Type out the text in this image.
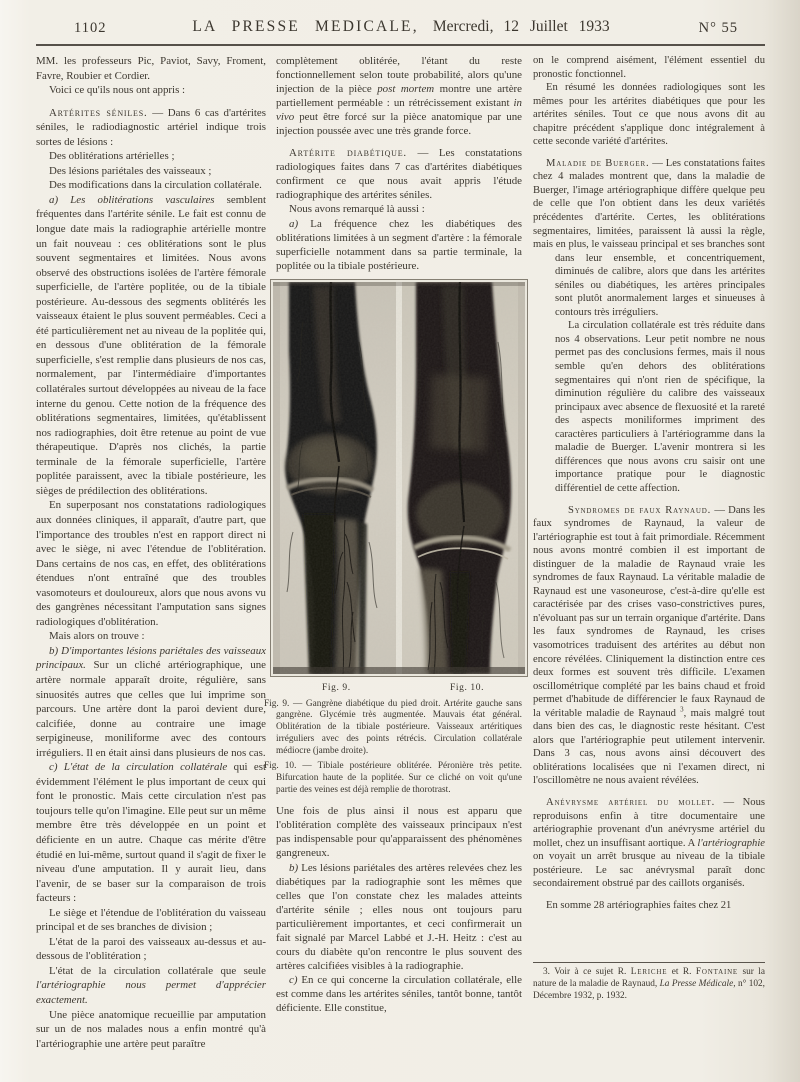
1102	LA PRESSE MEDICALE, Mercredi, 12 Juillet 1933	N° 55

MM. les professeurs Pic, Paviot, Savy, Froment, Favre, Roubier et Cordier.

Voici ce qu'ils nous ont appris :

Artérites séniles. — Dans 6 cas d'artérites séniles, le radiodiagnostic artériel indique trois sortes de lésions :

Des oblitérations artérielles ;

Des lésions pariétales des vaisseaux ;

Des modifications dans la circulation collatérale.

a) Les oblitérations vasculaires semblent fréquentes dans l'artérite sénile. Le fait est connu de longue date mais la radiographie artérielle montre un fait nouveau : ces oblitérations sont le plus souvent segmentaires et limitées. Nous avons observé des obstructions isolées de l'artère fémorale superficielle, de l'artère poplitée, ou de la tibiale postérieure. Au-dessous des segments oblitérés les vaisseaux étaient le plus souvent perméables. Ceci a été particulièrement net au niveau de la poplitée qui, en dessous d'une oblitération de la fémorale superficielle, s'est remplie dans plusieurs de nos cas, normalement, par l'intermédiaire d'importantes collatérales surtout développées au niveau de la face interne du genou. Cette notion de la fréquence des oblitérations segmentaires, limitées, qu'établissent nos radiographies, doit être retenue au point de vue thérapeutique. D'après nos clichés, la partie terminale de la fémorale superficielle, l'artère poplitée paraissent, avec la tibiale postérieure, les sièges de prédilection des oblitérations.

En superposant nos constatations radiologiques aux données cliniques, il apparaît, d'autre part, que l'importance des troubles n'est en rapport direct ni avec le siège, ni avec l'étendue de l'oblitération. Dans certains de nos cas, en effet, des oblitérations étendues n'ont entraîné que des troubles vasomoteurs et douloureux, alors que nous avons vu des gangrènes nécessitant l'amputation sans signes radiologiques d'oblitération.

Mais alors on trouve :

b) D'importantes lésions pariétales des vaisseaux principaux. Sur un cliché artériographique, une artère normale apparaît droite, régulière, sans sinuosités autres que celles que lui imprime son parcours. Une artère dont la paroi devient dure, calcifiée, donne au contraire une image serpigineuse, moniliforme avec des contours irréguliers. Il en était ainsi dans plusieurs de nos cas.

c) L'état de la circulation collatérale qui est évidemment l'élément le plus important de ceux qui font le pronostic. Mais cette circulation n'est pas toujours telle qu'on l'imagine. Elle peut sur un même membre être très développée en un point et déficiente en un autre. Chaque cas mérite d'être étudié en lui-même, surtout quand il s'agit de fixer le niveau d'une amputation. Il y aurait lieu, dans l'avenir, de se baser sur la comparaison de trois facteurs :

Le siège et l'étendue de l'oblitération du vaisseau principal et de ses branches de division ;

L'état de la paroi des vaisseaux au-dessus et au-dessous de l'oblitération ;

L'état de la circulation collatérale que seule l'artériographie nous permet d'apprécier exactement.

Une pièce anatomique recueillie par amputation sur un de nos malades nous a enfin montré qu'à l'artériographie une artère peut paraître

complètement oblitérée, l'étant du reste fonctionnellement selon toute probabilité, alors qu'une injection de la pièce post mortem montre une artère partiellement perméable : un rétrécissement existant in vivo peut être forcé sur la pièce anatomique par une injection poussée avec une très grande force.

Artérite diabétique. — Les constatations radiologiques faites dans 7 cas d'artérites diabétiques confirment ce que nous avait appris l'étude radiographique des artérites séniles.

Nous avons remarqué là aussi :

a) La fréquence chez les diabétiques des oblitérations limitées à un segment d'artère : la fémorale superficielle notamment dans sa partie terminale, la poplitée ou la tibiale postérieure.

Fig. 9.	Fig. 10.

Fig. 9. — Gangrène diabétique du pied droit. Artérite gauche sans gangrène. Glycémie très augmentée. Mauvais état général. Oblitération de la tibiale postérieure. Vaisseaux artéritiques irréguliers avec des points rétrécis. Circulation collatérale médiocre (jambe droite).

Fig. 10. — Tibiale postérieure oblitérée. Péronière très petite. Bifurcation haute de la poplitée. Sur ce cliché on voit qu'une partie des veines est déjà remplie de thorotrast.

Une fois de plus ainsi il nous est apparu que l'oblitération complète des vaisseaux principaux n'est pas indispensable pour qu'apparaissent des phénomènes gangreneux.

b) Les lésions pariétales des artères relevées chez les diabétiques par la radiographie sont les mêmes que celles que l'on constate chez les malades atteints d'artérite sénile ; elles nous ont toujours paru particulièrement importantes, et ceci confirmerait un fait signalé par Marcel Labbé et J.-H. Heitz : c'est au cours du diabète qu'on rencontre le plus souvent des artères calcifiées visibles à la radiographie.

c) En ce qui concerne la circulation collatérale, elle est comme dans les artérites séniles, tantôt bonne, tantôt déficiente. Elle constitue,

on le comprend aisément, l'élément essentiel du pronostic fonctionnel.

En résumé les données radiologiques sont les mêmes pour les artérites diabétiques que pour les artérites séniles. Tout ce que nous avons dit au chapitre précédent s'applique donc intégralement à cette seconde variété d'artérites.

Maladie de Buerger. — Les constatations faites chez 4 malades montrent que, dans la maladie de Buerger, l'image artériographique diffère quelque peu de celle que l'on obtient dans les deux variétés précédentes d'artérite. Certes, les oblitérations segmentaires, limitées, paraissent là aussi la règle, mais en plus, le vaisseau principal et ses branches sont dans leur ensemble, et concentriquement,
diminués de calibre, alors que dans les artérites séniles ou diabétiques, les artères principales sont plutôt anormalement larges et sinueuses à contours très irréguliers.

La circulation collatérale est très réduite dans nos 4 observations. Leur petit nombre ne nous permet pas des conclusions fermes, mais il nous semble qu'en dehors des oblitérations segmentaires qui n'ont rien de spécifique, la diminution régulière du calibre des vaisseaux principaux avec absence de flexuosité et la rareté des aspects moniliformes impriment des caractères particuliers à l'artériogramme dans la maladie de Buerger. L'avenir montrera si les différences que nous avons cru saisir ont une importance pratique pour le diagnostic différentiel de cette affection.

Syndromes de faux Raynaud. — Dans les faux syndromes de Raynaud, la valeur de l'artériographie est tout à fait primordiale. Récemment nous avons montré combien il est important de distinguer de la maladie de Raynaud vraie les syndromes de faux Raynaud. La véritable maladie de Raynaud est une vasoneurose, c'est-à-dire qu'elle est caractérisée par des crises vaso-constrictives pures, n'évoluant pas sur un terrain organique d'artérite. Dans les faux syndromes de Raynaud, les crises vasomotrices traduisent des artérites au début non encore révélées. Cliniquement la distinction entre ces deux formes est souvent très difficile. L'examen oscillométrique complété par les bains chaud et froid permet d'habitude de différencier le faux Raynaud de la véritable maladie de Raynaud $^3$, mais malgré tout dans bien des cas, le diagnostic reste hésitant. C'est alors que l'artériographie peut utilement intervenir. Dans 3 cas, nous avons ainsi découvert des oblitérations localisées que ni l'examen direct, ni l'oscillomètre ne nous avaient révélées.

Anévrysme artériel du mollet. — Nous reproduisons enfin à titre documentaire une artériographie provenant d'un anévrysme artériel du mollet, chez un insuffisant aortique. A l'artériographie on voyait un arrêt brusque au niveau de la tibiale postérieure. Le sac anévrysmal paraît donc secondairement obstrué par des caillots organisés.

En somme 28 artériographies faites chez 21

3. Voir à ce sujet R. Leriche et R. Fontaine sur la nature de la maladie de Raynaud, La Presse Médicale, n° 102, Décembre 1932, p. 1932.
